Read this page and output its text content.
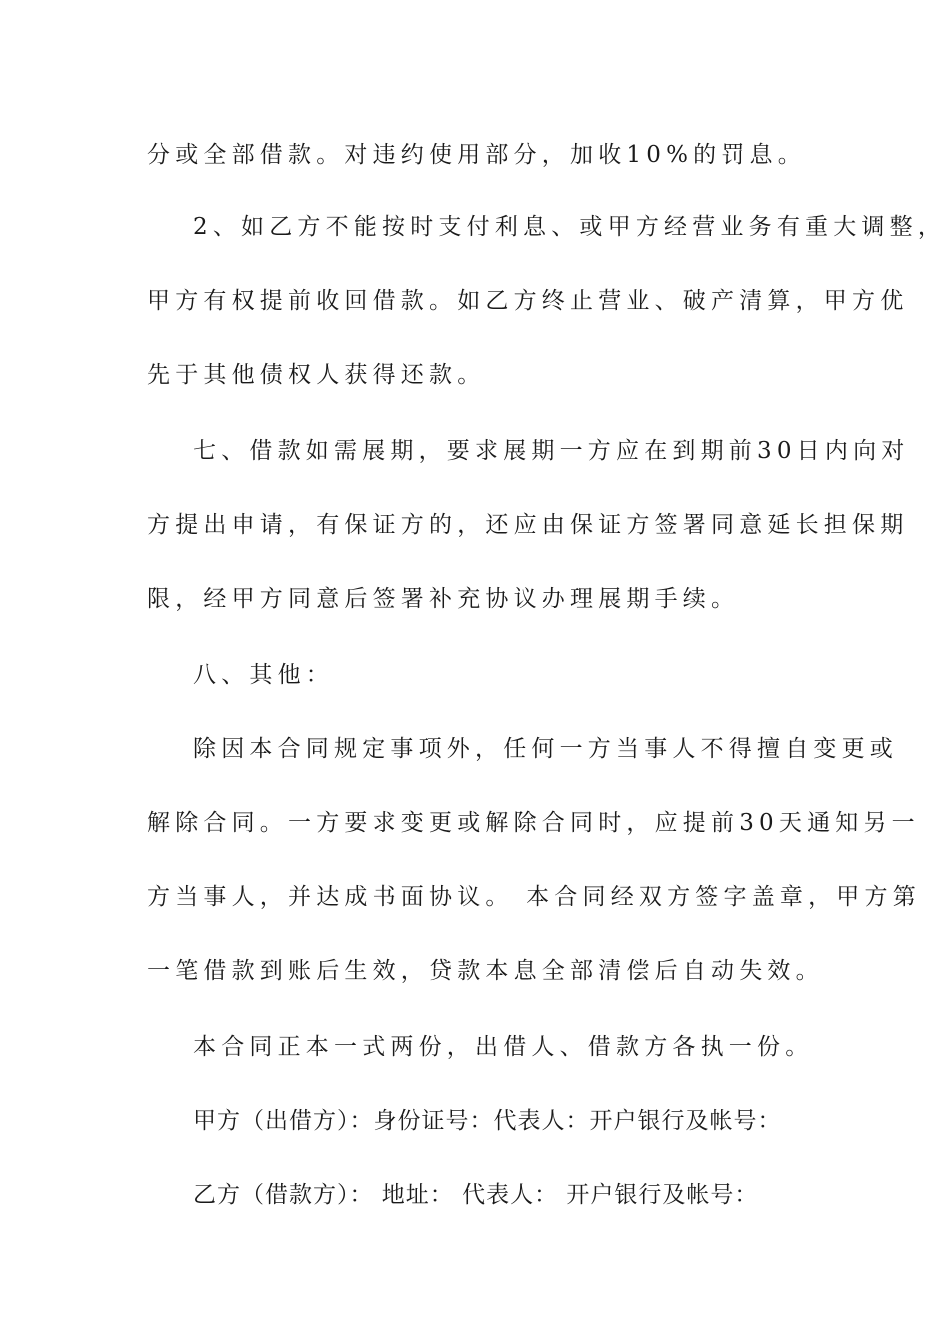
分或全部借款。对违约使用部分，加收10%的罚息。
2、如乙方不能按时支付利息、或甲方经营业务有重大调整，
甲方有权提前收回借款。如乙方终止营业、破产清算，甲方优
先于其他债权人获得还款。
七、借款如需展期，要求展期一方应在到期前30日内向对
方提出申请，有保证方的，还应由保证方签署同意延长担保期
限，经甲方同意后签署补充协议办理展期手续。
八、其他：
除因本合同规定事项外，任何一方当事人不得擅自变更或
解除合同。一方要求变更或解除合同时，应提前30天通知另一
方当事人，并达成书面协议。 本合同经双方签字盖章，甲方第
一笔借款到账后生效，贷款本息全部清偿后自动失效。
本合同正本一式两份，出借人、借款方各执一份。
甲方（出借方）：身份证号：代表人：开户银行及帐号：
乙方（借款方）： 地址： 代表人： 开户银行及帐号：
